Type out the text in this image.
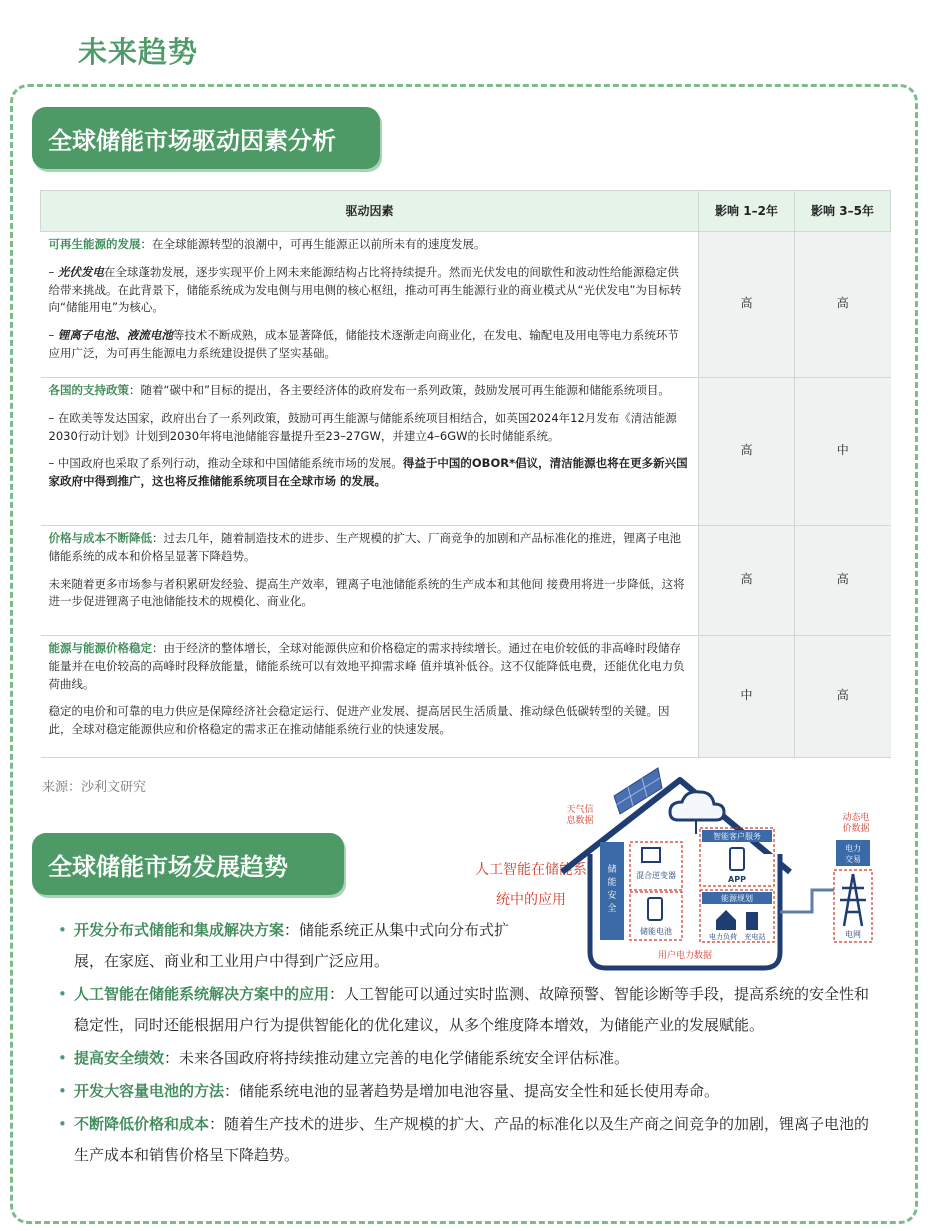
未来趋势
全球储能市场驱动因素分析
驱动因素	影响 1–2年	影响 3–5年

可再生能源的发展：在全球能源转型的浪潮中，可再生能源正以前所未有的速度发展。

– 光伏发电在全球蓬勃发展，逐步实现平价上网未来能源结构占比将持续提升。然而光伏发电的间歇性和波动性给能源稳定供给带来挑战。在此背景下，储能系统成为发电侧与用电侧的核心枢纽，推动可再生能源行业的商业模式从“光伏发电”为目标转向“储能用电”为核心。

– 锂离子电池、液流电池等技术不断成熟，成本显著降低，储能技术逐渐走向商业化，在发电、输配电及用电等电力系统环节应用广泛，为可再生能源电力系统建设提供了坚实基础。	高	高

各国的支持政策：随着“碳中和”目标的提出，各主要经济体的政府发布一系列政策，鼓励发展可再生能源和储能系统项目。

– 在欧美等发达国家，政府出台了一系列政策，鼓励可再生能源与储能系统项目相结合，如英国2024年12月发布《清洁能源2030行动计划》计划到2030年将电池储能容量提升至23–27GW，并建立4–6GW的长时储能系统。

– 中国政府也采取了系列行动，推动全球和中国储能系统市场的发展。得益于中国的OBOR*倡议，清洁能源也将在更多新兴国家政府中得到推广，这也将反推储能系统项目在全球市场 的发展。	高	中

价格与成本不断降低：过去几年，随着制造技术的进步、生产规模的扩大、厂商竞争的加剧和产品标准化的推进，锂离子电池储能系统的成本和价格呈显著下降趋势。

未来随着更多市场参与者积累研发经验、提高生产效率，锂离子电池储能系统的生产成本和其他间 接费用将进一步降低，这将进一步促进锂离子电池储能技术的规模化、商业化。	高	高

能源与能源价格稳定：由于经济的整体增长，全球对能源供应和价格稳定的需求持续增长。通过在电价较低的非高峰时段储存能量并在电价较高的高峰时段释放能量，储能系统可以有效地平抑需求峰 值并填补低谷。这不仅能降低电费，还能优化电力负荷曲线。

稳定的电价和可靠的电力供应是保障经济社会稳定运行、促进产业发展、提高居民生活质量、推动绿色低碳转型的关键。因此，全球对稳定能源供应和价格稳定的需求正在推动储能系统行业的快速发展。	中	高
来源：沙利文研究
全球储能市场发展趋势	人工智能在储能系统中的应用
储能安全
智能客户服务
能源规划
混合逆变器
储能电池
APP
电力负荷 充电站
用户电力数据
天气信息数据	动态电价数据
电力交易
电网
• 开发分布式储能和集成解决方案：储能系统正从集中式向分布式扩展，在家庭、商业和工业用户中得到广泛应用。
• 人工智能在储能系统解决方案中的应用：人工智能可以通过实时监测、故障预警、智能诊断等手段，提高系统的安全性和稳定性，同时还能根据用户行为提供智能化的优化建议，从多个维度降本增效，为储能产业的发展赋能。
• 提高安全绩效：未来各国政府将持续推动建立完善的电化学储能系统安全评估标准。
• 开发大容量电池的方法：储能系统电池的显著趋势是增加电池容量、提高安全性和延长使用寿命。
• 不断降低价格和成本：随着生产技术的进步、生产规模的扩大、产品的标准化以及生产商之间竞争的加剧，锂离子电池的生产成本和销售价格呈下降趋势。
